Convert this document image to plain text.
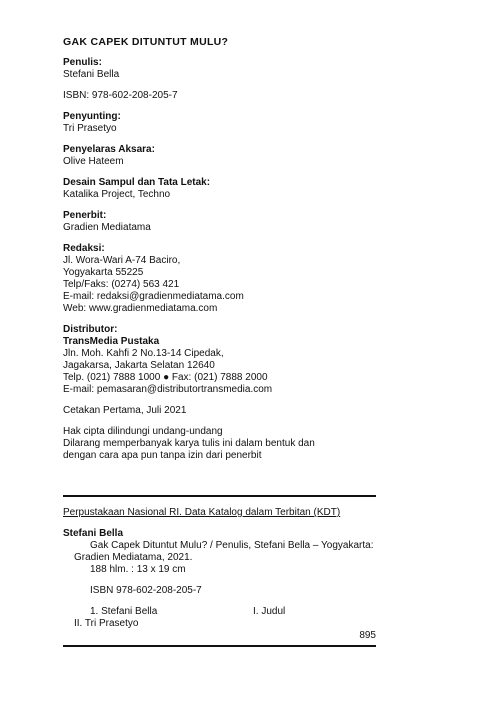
GAK CAPEK DITUNTUT MULU?
Penulis:
Stefani Bella
ISBN: 978-602-208-205-7
Penyunting:
Tri Prasetyo
Penyelaras Aksara:
Olive Hateem
Desain Sampul dan Tata Letak:
Katalika Project, Techno
Penerbit:
Gradien Mediatama
Redaksi:
Jl. Wora-Wari A-74 Baciro,
Yogyakarta 55225
Telp/Faks: (0274) 563 421
E-mail: redaksi@gradienmediatama.com
Web: www.gradienmediatama.com
Distributor:
TransMedia Pustaka
Jln. Moh. Kahfi 2 No.13-14 Cipedak,
Jagakarsa, Jakarta Selatan 12640
Telp. (021) 7888 1000 ● Fax: (021) 7888 2000
E-mail: pemasaran@distributortransmedia.com
Cetakan Pertama, Juli 2021
Hak cipta dilindungi undang-undang
Dilarang memperbanyak karya tulis ini dalam bentuk dan
dengan cara apa pun tanpa izin dari penerbit
Perpustakaan Nasional RI. Data Katalog dalam Terbitan (KDT)
Stefani Bella
Gak Capek Dituntut Mulu? / Penulis, Stefani Bella – Yogyakarta:
Gradien Mediatama, 2021.
188 hlm. : 13 x 19 cm
ISBN 978-602-208-205-7
1. Stefani Bella	I. Judul
II. Tri Prasetyo
895
